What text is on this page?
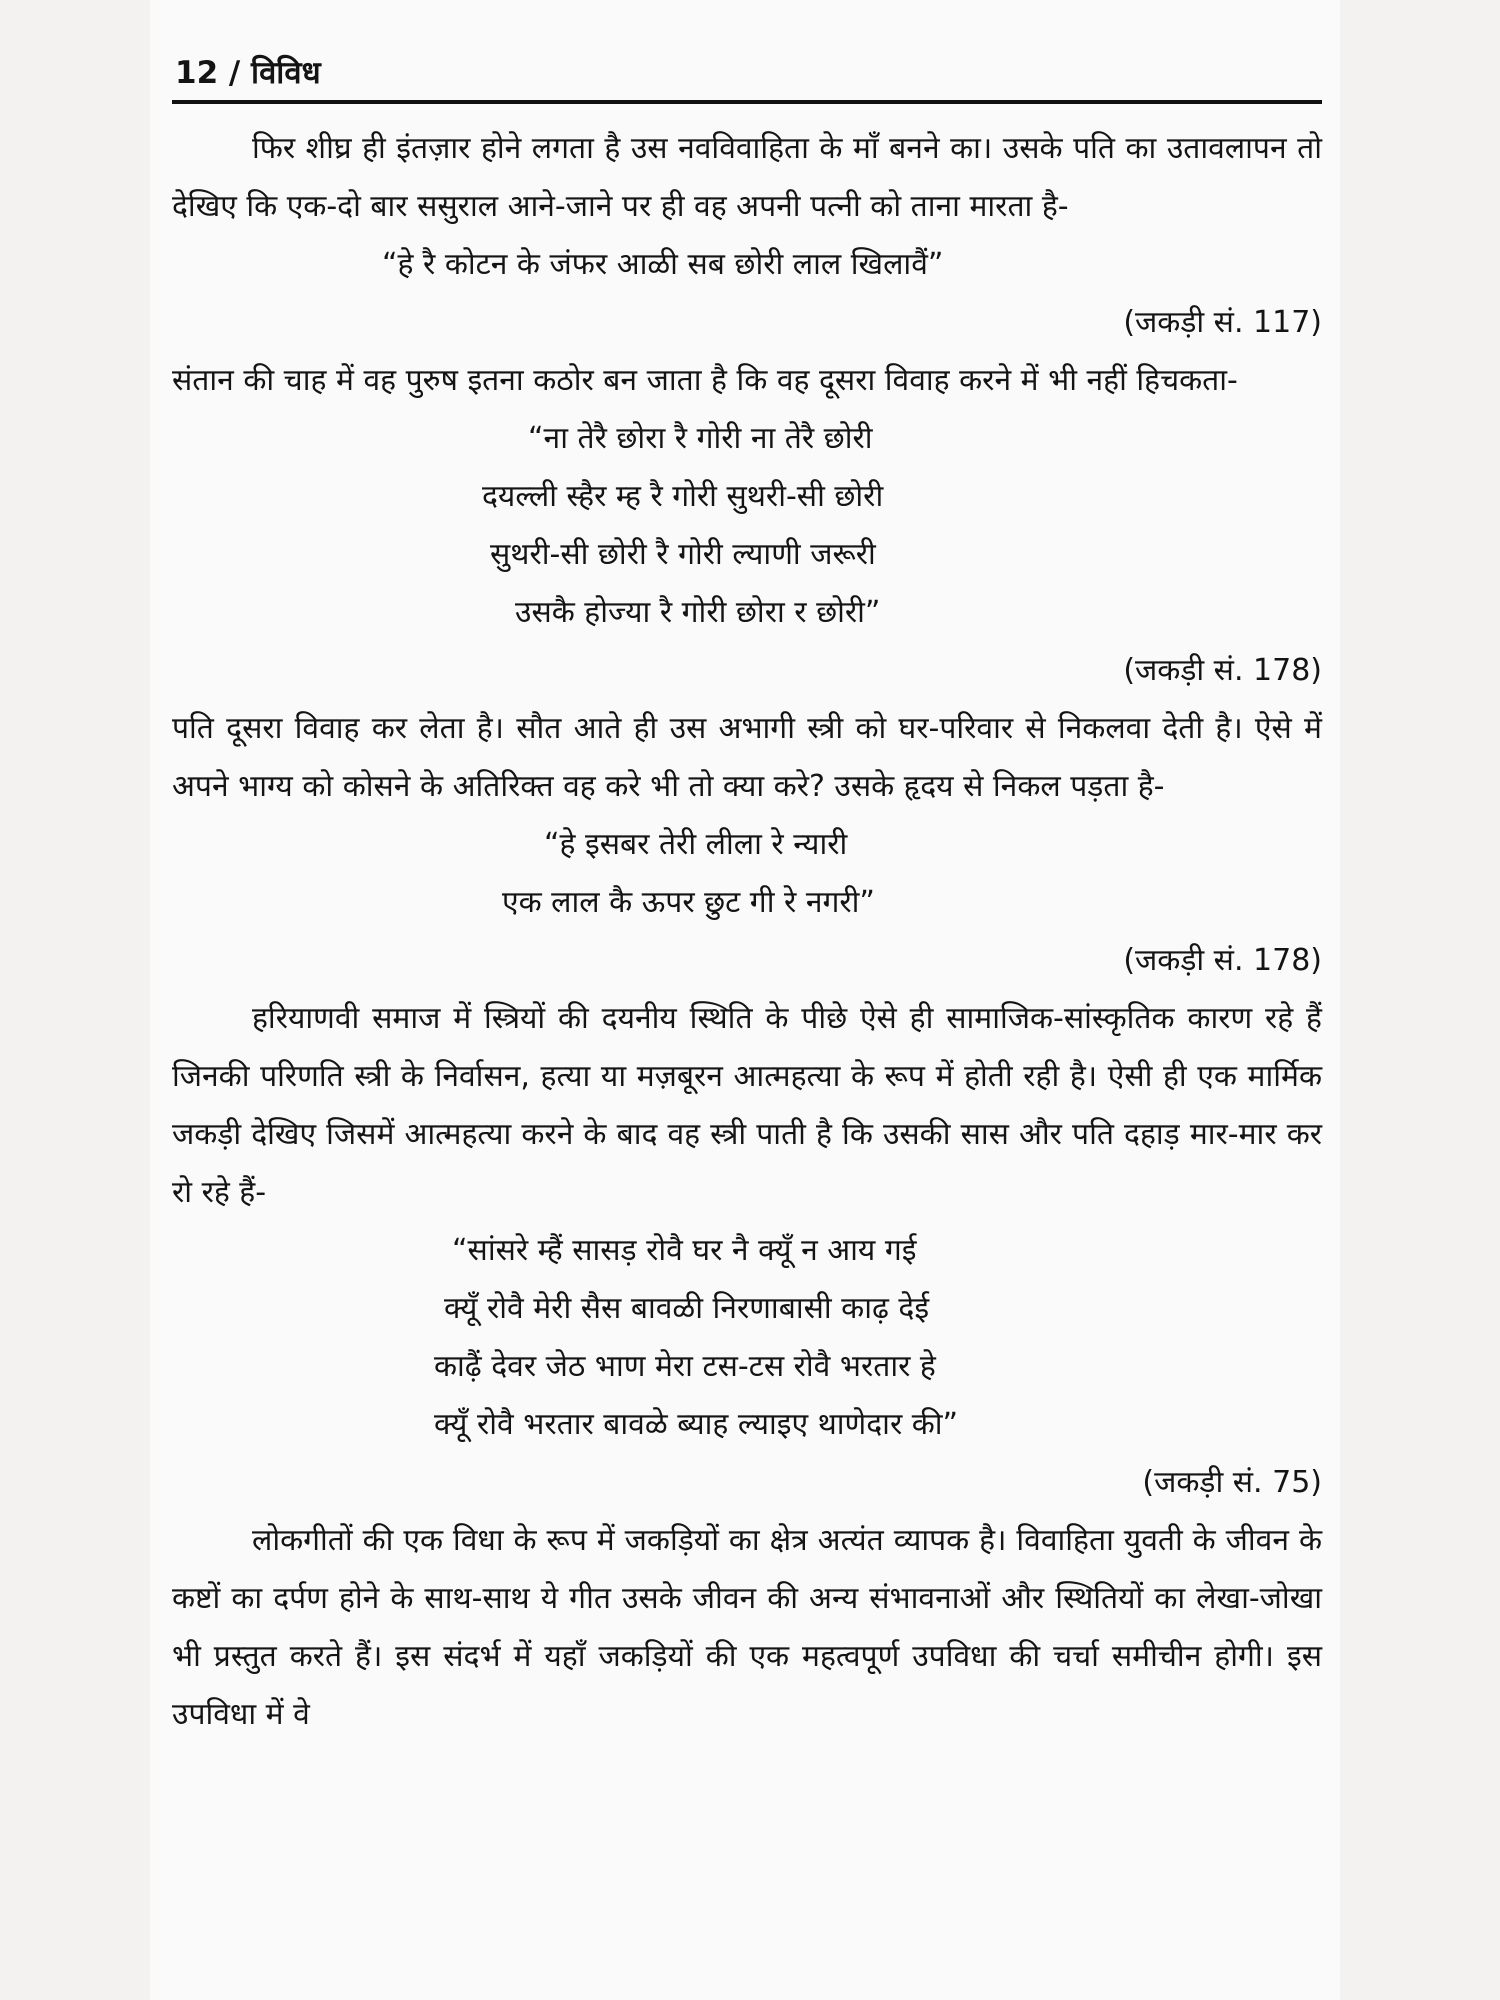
12 / विविध

फिर शीघ्र ही इंतज़ार होने लगता है उस नवविवाहिता के माँ बनने का। उसके पति का उतावलापन तो देखिए कि एक-दो बार ससुराल आने-जाने पर ही वह अपनी पत्नी को ताना मारता है-

“हे रै कोटन के जंफर आळी सब छोरी लाल खिलावैं”

(जकड़ी सं. 117)

संतान की चाह में वह पुरुष इतना कठोर बन जाता है कि वह दूसरा विवाह करने में भी नहीं हिचकता-

“ना तेरै छोरा रै गोरी ना तेरै छोरी
दयल्ली स्हैर म्ह रै गोरी सुथरी-सी छोरी
सुथरी-सी छोरी रै गोरी ल्याणी जरूरी
उसकै होज्या रै गोरी छोरा र छोरी”

(जकड़ी सं. 178)

पति दूसरा विवाह कर लेता है। सौत आते ही उस अभागी स्त्री को घर-परिवार से निकलवा देती है। ऐसे में अपने भाग्य को कोसने के अतिरिक्त वह करे भी तो क्या करे? उसके हृदय से निकल पड़ता है-

“हे इसबर तेरी लीला रे न्यारी
एक लाल कै ऊपर छुट गी रे नगरी”

(जकड़ी सं. 178)

हरियाणवी समाज में स्त्रियों की दयनीय स्थिति के पीछे ऐसे ही सामाजिक-सांस्कृतिक कारण रहे हैं जिनकी परिणति स्त्री के निर्वासन, हत्या या मज़बूरन आत्महत्या के रूप में होती रही है। ऐसी ही एक मार्मिक जकड़ी देखिए जिसमें आत्महत्या करने के बाद वह स्त्री पाती है कि उसकी सास और पति दहाड़ मार-मार कर रो रहे हैं-

“सांसरे म्हैं सासड़ रोवै घर नै क्यूँ न आय गई
क्यूँ रोवै मेरी सैस बावळी निरणाबासी काढ़ देई
काढ़ैं देवर जेठ भाण मेरा टस-टस रोवै भरतार हे
क्यूँ रोवै भरतार बावळे ब्याह ल्याइए थाणेदार की”

(जकड़ी सं. 75)

लोकगीतों की एक विधा के रूप में जकड़ियों का क्षेत्र अत्यंत व्यापक है। विवाहिता युवती के जीवन के कष्टों का दर्पण होने के साथ-साथ ये गीत उसके जीवन की अन्य संभावनाओं और स्थितियों का लेखा-जोखा भी प्रस्तुत करते हैं। इस संदर्भ में यहाँ जकड़ियों की एक महत्वपूर्ण उपविधा की चर्चा समीचीन होगी। इस उपविधा में वे
